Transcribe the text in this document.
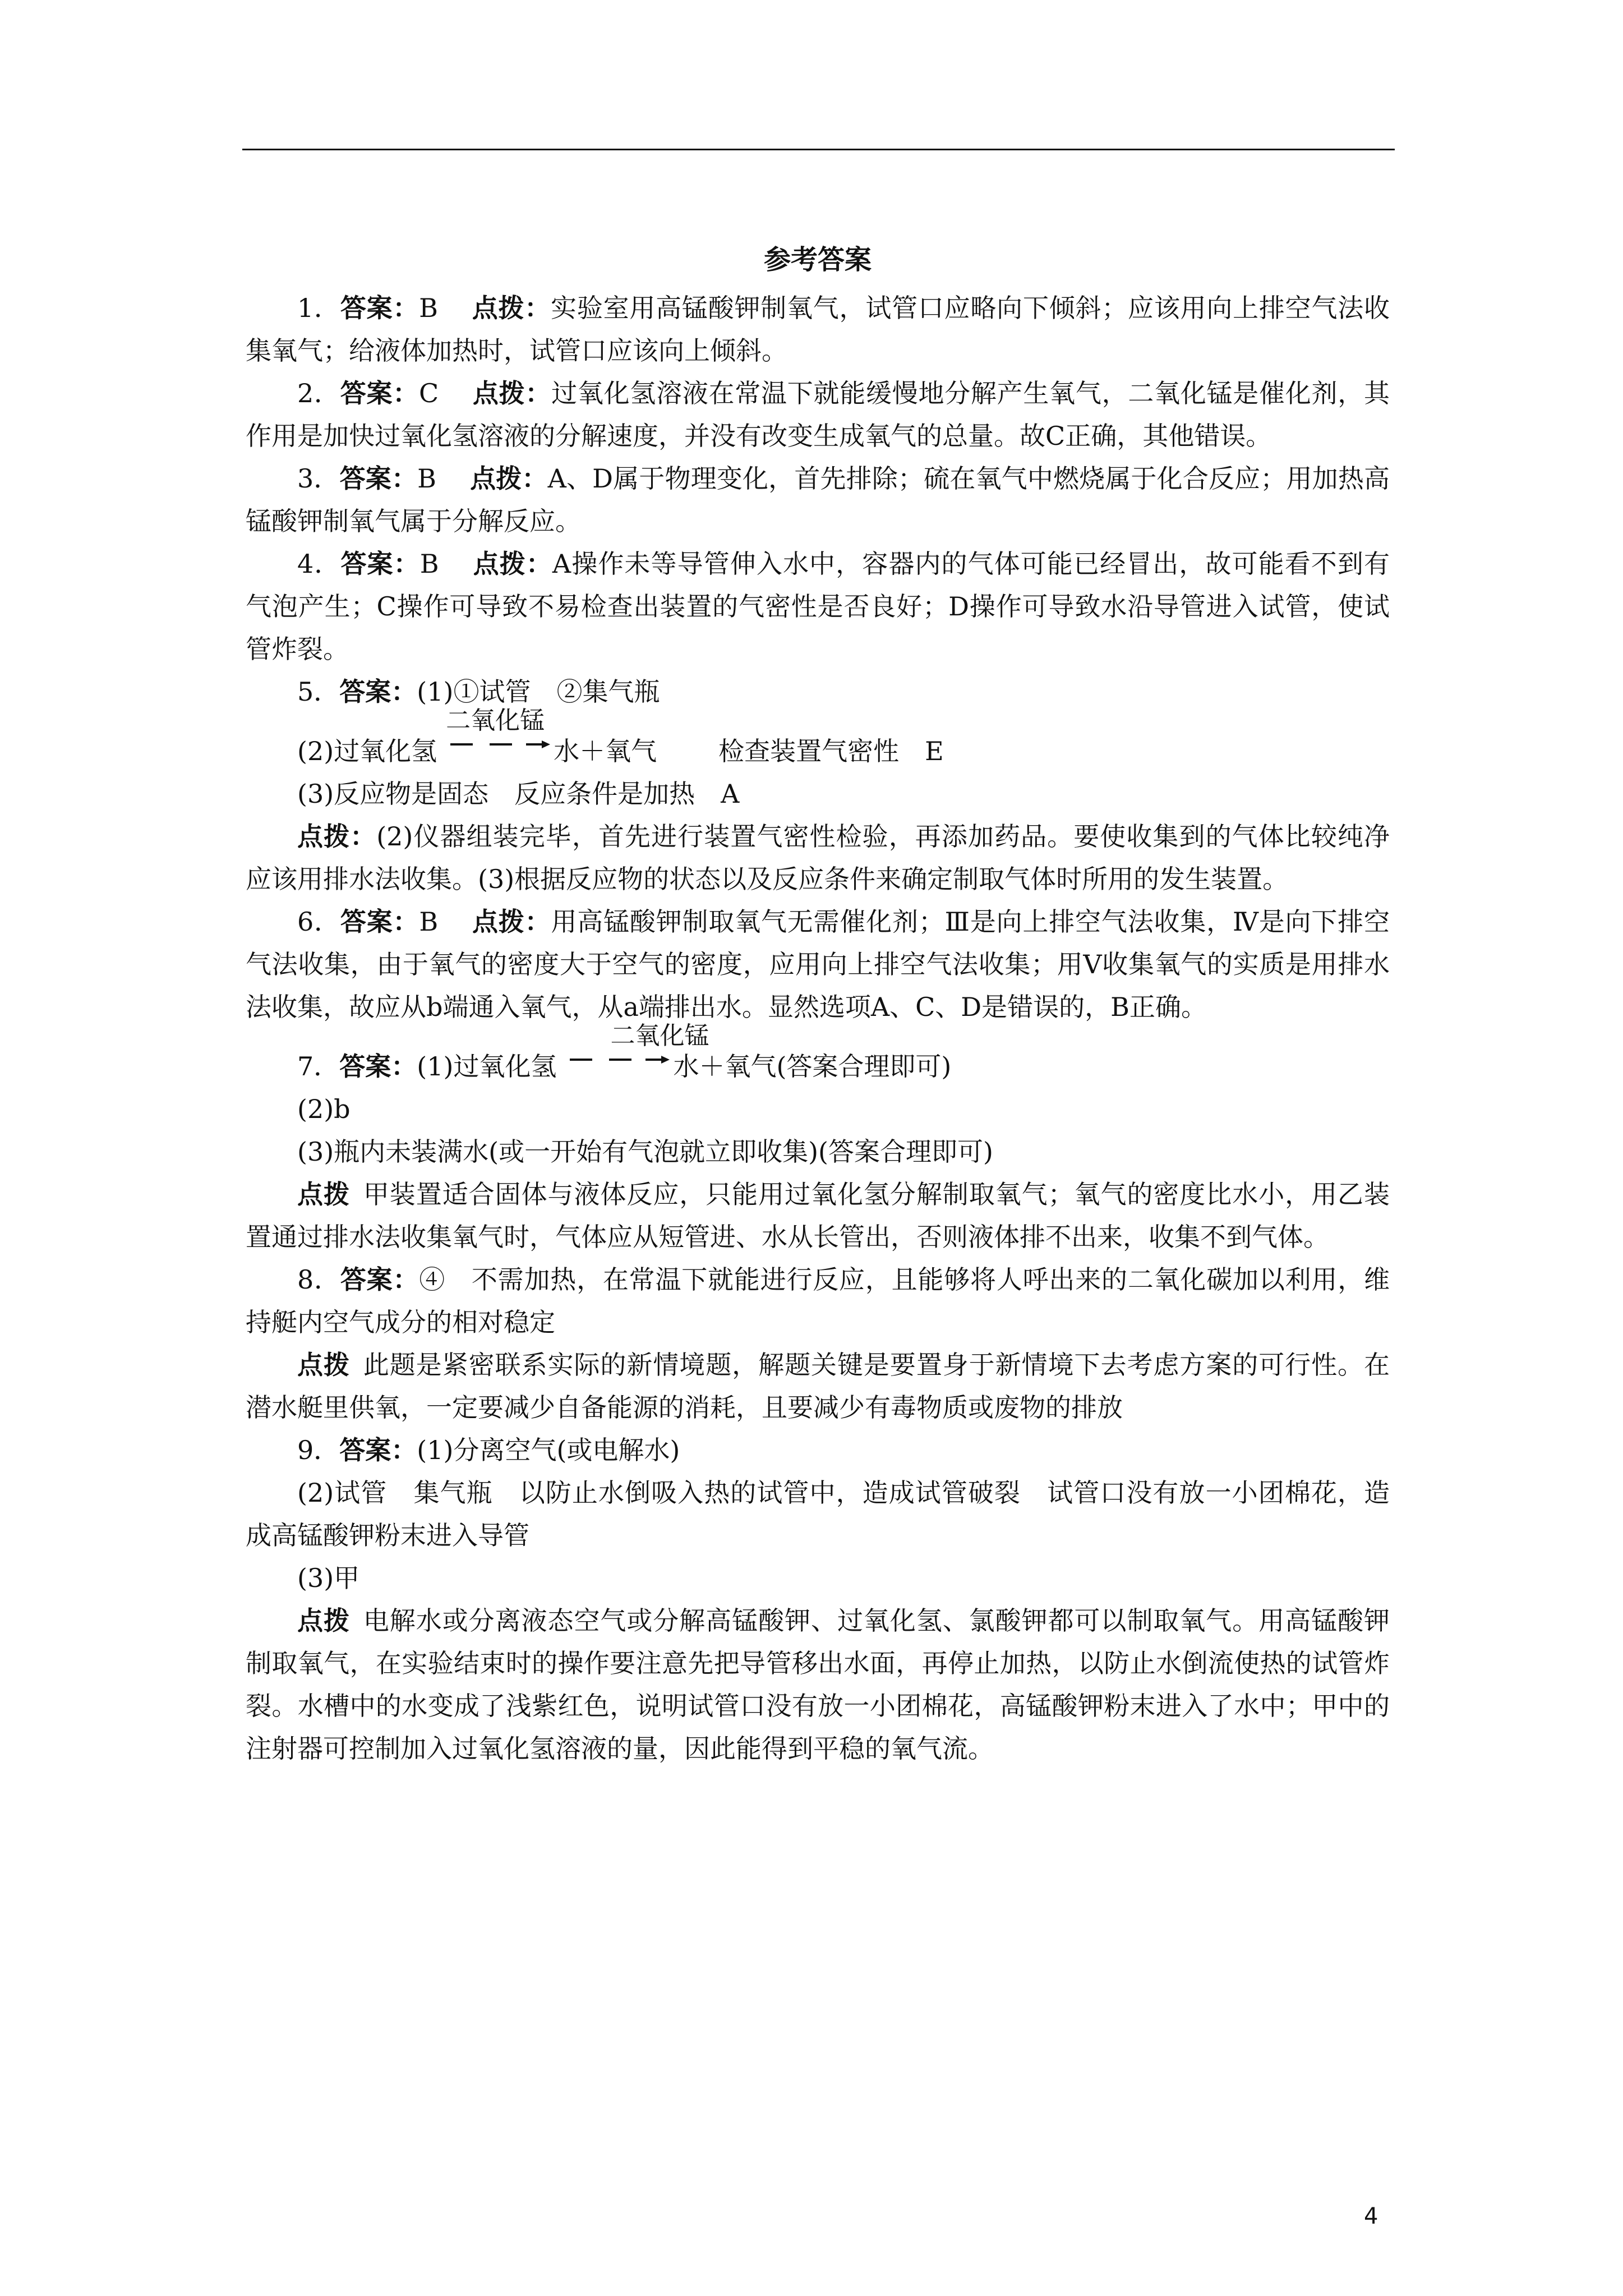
参考答案

1．答案：B 点拨：实验室用高锰酸钾制氧气，试管口应略向下倾斜；应该用向上排空气法收集氧气；给液体加热时，试管口应该向上倾斜。

2．答案：C 点拨：过氧化氢溶液在常温下就能缓慢地分解产生氧气，二氧化锰是催化剂，其作用是加快过氧化氢溶液的分解速度，并没有改变生成氧气的总量。故C正确，其他错误。

3．答案：B 点拨：A、D属于物理变化，首先排除；硫在氧气中燃烧属于化合反应；用加热高锰酸钾制氧气属于分解反应。

4．答案：B 点拨：A操作未等导管伸入水中，容器内的气体可能已经冒出，故可能看不到有气泡产生；C操作可导致不易检查出装置的气密性是否良好；D操作可导致水沿导管进入试管，使试管炸裂。

5．答案：(1)①试管　②集气瓶

(2)过氧化氢
二氧化锰
水＋氧气 检查装置气密性　E

(3)反应物是固态　反应条件是加热　A

点拨：(2)仪器组装完毕，首先进行装置气密性检验，再添加药品。要使收集到的气体比较纯净应该用排水法收集。(3)根据反应物的状态以及反应条件来确定制取气体时所用的发生装置。

6．答案：B 点拨：用高锰酸钾制取氧气无需催化剂；Ⅲ是向上排空气法收集，Ⅳ是向下排空气法收集，由于氧气的密度大于空气的密度，应用向上排空气法收集；用Ⅴ收集氧气的实质是用排水法收集，故应从b端通入氧气，从a端排出水。显然选项A、C、D是错误的，B正确。

7．答案：(1)过氧化氢
二氧化锰
水＋氧气(答案合理即可)

(2)b

(3)瓶内未装满水(或一开始有气泡就立即收集)(答案合理即可)

点拨  甲装置适合固体与液体反应，只能用过氧化氢分解制取氧气；氧气的密度比水小，用乙装置通过排水法收集氧气时，气体应从短管进、水从长管出，否则液体排不出来，收集不到气体。

8．答案：④　不需加热，在常温下就能进行反应，且能够将人呼出来的二氧化碳加以利用，维持艇内空气成分的相对稳定

点拨  此题是紧密联系实际的新情境题，解题关键是要置身于新情境下去考虑方案的可行性。在潜水艇里供氧，一定要减少自备能源的消耗，且要减少有毒物质或废物的排放

9．答案：(1)分离空气(或电解水)

(2)试管　集气瓶　以防止水倒吸入热的试管中，造成试管破裂　试管口没有放一小团棉花，造成高锰酸钾粉末进入导管

(3)甲

点拨  电解水或分离液态空气或分解高锰酸钾、过氧化氢、氯酸钾都可以制取氧气。用高锰酸钾制取氧气，在实验结束时的操作要注意先把导管移出水面，再停止加热，以防止水倒流使热的试管炸裂。水槽中的水变成了浅紫红色，说明试管口没有放一小团棉花，高锰酸钾粉末进入了水中；甲中的注射器可控制加入过氧化氢溶液的量，因此能得到平稳的氧气流。

4
